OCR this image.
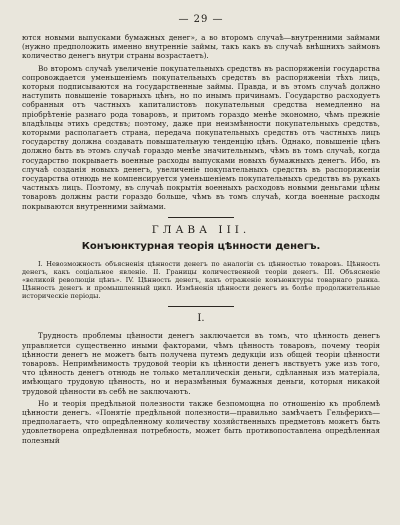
— 29 —

ются новыми выпусками бумажных денег», а во второмъ случаѣ—внутренними займами (нужно предположить именно внутренніе займы, такъ какъ въ случаѣ внѣшнихъ займовъ количество денегъ внутри страны возрастаетъ).

Во второмъ случаѣ увеличеніе покупательныхъ средствъ въ распоряженіи государства сопровождается уменьшеніемъ покупательныхъ средствъ въ распоряженіи тѣхъ лицъ, которыя подписываются на государственные займы. Правда, и въ этомъ случаѣ должно наступить повышеніе товарныхъ цѣнъ, но по инымъ причинамъ. Государство расходуетъ собранныя отъ частныхъ капиталистовъ покупательныя средства немедленно на пріобрѣтеніе разнаго рода товаровъ, и притомъ гораздо менѣе экономно, чѣмъ прежніе владѣльцы этихъ средствъ; поэтому, даже при неизмѣнности покупательныхъ средствъ, которыми располагаетъ страна, передача покупательныхъ средствъ отъ частныхъ лицъ государству должна создавать повышательную тенденцію цѣнъ. Однако, повышеніе цѣнъ должно быть въ этомъ случаѣ гораздо менѣе значительнымъ, чѣмъ въ томъ случаѣ, когда государство покрываетъ военные расходы выпусками новыхъ бумажныхъ денегъ. Ибо, въ случаѣ созданія новыхъ денегъ, увеличеніе покупательныхъ средствъ въ распоряженіи государства отнюдь не компенсируется уменьшеніемъ покупательныхъ средствъ въ рукахъ частныхъ лицъ. Поэтому, въ случаѣ покрытія военныхъ расходовъ новыми деньгами цѣны товаровъ должны расти гораздо больше, чѣмъ въ томъ случаѣ, когда военные расходы покрываются внутренними займами.

ГЛАВА III.
Конъюнктурная теорія цѣнности денегъ.

I. Невозможность объясненія цѣнности денегъ по аналогіи съ цѣнностью товаровъ. Цѣнность денегъ, какъ соціальное явленіе. II. Границы количественной теоріи денегъ. III. Объясненіе «великой революціи цѣнъ». IV. Цѣнность денегъ, какъ отраженіе конъюнктуры товарнаго рынка. Цѣнность денегъ и промышленный цикл. Измѣненія цѣнности денегъ въ болѣе продолжительные историческіе періоды.

I.

Трудность проблемы цѣнности денегъ заключается въ томъ, что цѣнность денегъ управляется существенно иными факторами, чѣмъ цѣнность товаровъ, почему теорія цѣнности денегъ не можетъ быть получена путемъ дедукціи изъ общей теоріи цѣнности товаровъ. Непримѣнимость трудовой теоріи къ цѣнности денегъ явствуетъ уже изъ того, что цѣнность денегъ отнюдь не только металлическія деньги, сдѣланныя изъ матеріала, имѣющаго трудовую цѣнность, но и неразмѣнныя бумажныя деньги, которыя никакой трудовой цѣнности въ себѣ не заключаютъ.

Но и теорія предѣльной полезности также безпомощна по отношенію къ проблемѣ цѣнности денегъ. «Понятіе предѣльной полезности—правильно замѣчаетъ Гельферихъ—предполагаетъ, что опредѣленному количеству хозяйственныхъ предметовъ можетъ быть удовлетворена опредѣленная потребность, может быть противопоставлена опредѣленная полезный
